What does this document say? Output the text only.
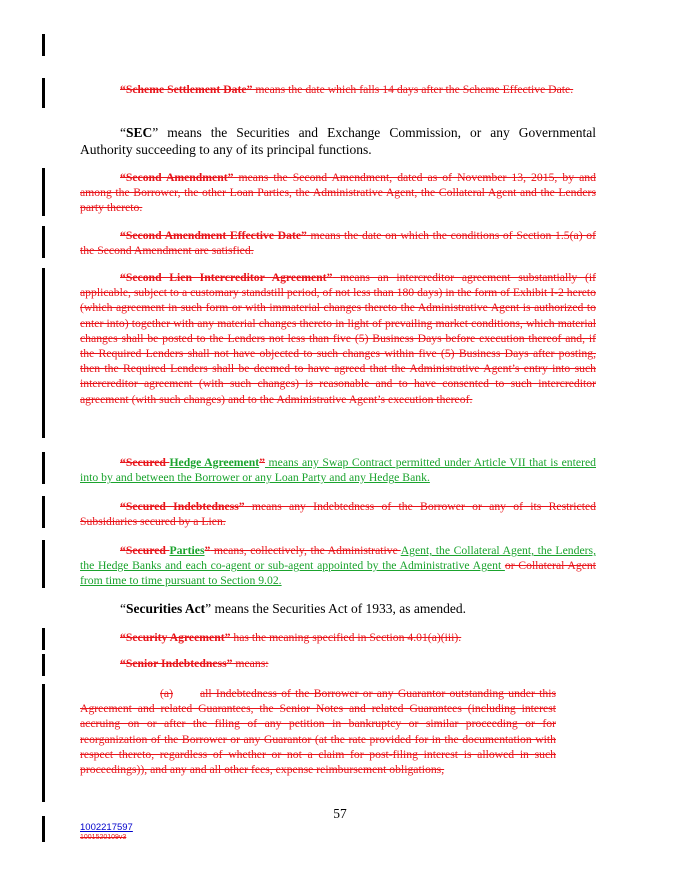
“Scheme Settlement Date” means the date which falls 14 days after the Scheme Effective Date.
“SEC” means the Securities and Exchange Commission, or any Governmental Authority succeeding to any of its principal functions.
“Second Amendment” means the Second Amendment, dated as of November 13, 2015, by and among the Borrower, the other Loan Parties, the Administrative Agent, the Collateral Agent and the Lenders party thereto.
“Second Amendment Effective Date” means the date on which the conditions of Section 1.5(a) of the Second Amendment are satisfied.
“Second Lien Intercreditor Agreement” means an intercreditor agreement substantially (if applicable, subject to a customary standstill period, of not less than 180 days) in the form of Exhibit I-2 hereto (which agreement in such form or with immaterial changes thereto the Administrative Agent is authorized to enter into) together with any material changes thereto in light of prevailing market conditions, which material changes shall be posted to the Lenders not less than five (5) Business Days before execution thereof and, if the Required Lenders shall not have objected to such changes within five (5) Business Days after posting, then the Required Lenders shall be deemed to have agreed that the Administrative Agent’s entry into such intercreditor agreement (with such changes) is reasonable and to have consented to such intercreditor agreement (with such changes) and to the Administrative Agent’s execution thereof.
“Secured Hedge Agreement” means any Swap Contract permitted under Article VII that is entered into by and between the Borrower or any Loan Party and any Hedge Bank.
“Secured Indebtedness” means any Indebtedness of the Borrower or any of its Restricted Subsidiaries secured by a Lien.
“Secured Parties” means, collectively, the Administrative Agent, the Collateral Agent, the Lenders, the Hedge Banks and each co-agent or sub-agent appointed by the Administrative Agent or Collateral Agent from time to time pursuant to Section 9.02.
“Securities Act” means the Securities Act of 1933, as amended.
“Security Agreement” has the meaning specified in Section 4.01(a)(iii).
“Senior Indebtedness” means:
(a) all Indebtedness of the Borrower or any Guarantor outstanding under this Agreement and related Guarantees, the Senior Notes and related Guarantees (including interest accruing on or after the filing of any petition in bankruptcy or similar proceeding or for reorganization of the Borrower or any Guarantor (at the rate provided for in the documentation with respect thereto, regardless of whether or not a claim for post-filing interest is allowed in such proceedings)), and any and all other fees, expense reimbursement obligations,
57
1002217597
1001520109v3
